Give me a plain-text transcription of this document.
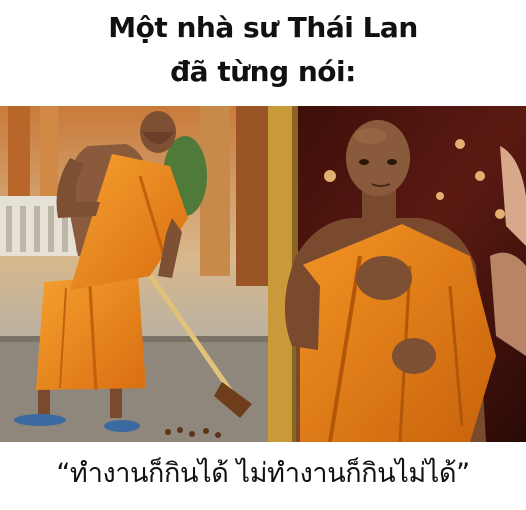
Một nhà sư Thái Lan
đã từng nói:
“ทำงานก็กินได้ ไม่ทำงานก็กินไม่ได้”
